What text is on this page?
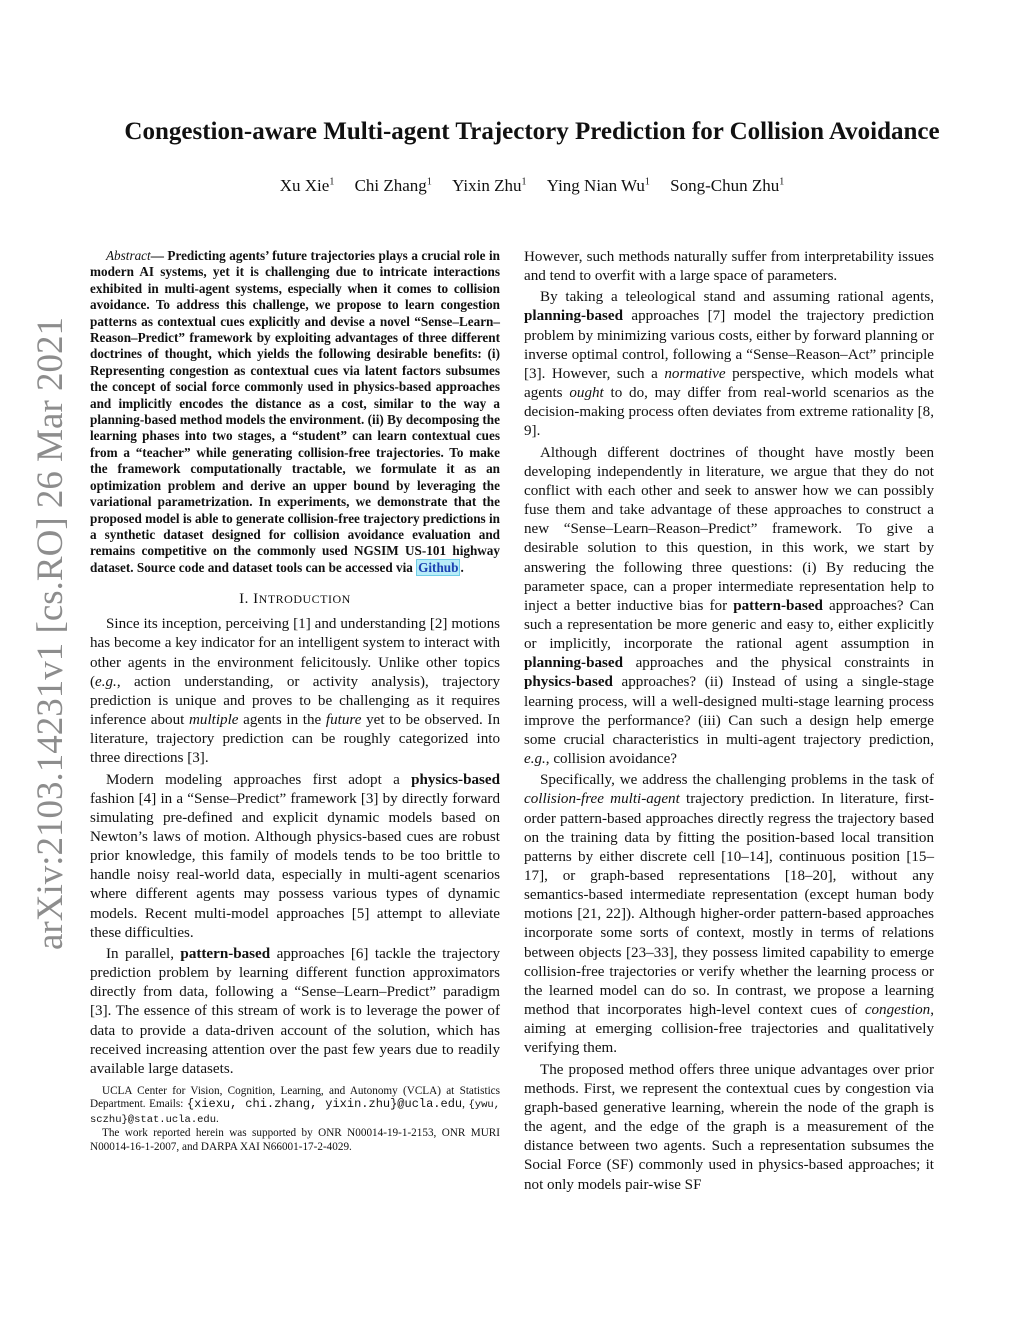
arXiv:2103.14231v1 [cs.RO] 26 Mar 2021
Congestion-aware Multi-agent Trajectory Prediction for Collision Avoidance
Xu Xie$^1$ Chi Zhang$^1$ Yixin Zhu$^1$ Ying Nian Wu$^1$ Song-Chun Zhu$^1$

Abstract— Predicting agents’ future trajectories plays a crucial role in modern AI systems, yet it is challenging due to intricate interactions exhibited in multi-agent systems, especially when it comes to collision avoidance. To address this challenge, we propose to learn congestion patterns as contextual cues explicitly and devise a novel “Sense–Learn–Reason–Predict” framework by exploiting advantages of three different doctrines of thought, which yields the following desirable benefits: (i) Representing congestion as contextual cues via latent factors subsumes the concept of social force commonly used in physics-based approaches and implicitly encodes the distance as a cost, similar to the way a planning-based method models the environment. (ii) By decomposing the learning phases into two stages, a “student” can learn contextual cues from a “teacher” while generating collision-free trajectories. To make the framework computationally tractable, we formulate it as an optimization problem and derive an upper bound by leveraging the variational parametrization. In experiments, we demonstrate that the proposed model is able to generate collision-free trajectory predictions in a synthetic dataset designed for collision avoidance evaluation and remains competitive on the commonly used NGSIM US-101 highway dataset. Source code and dataset tools can be accessed via Github .

I. INTRODUCTION

Since its inception, perceiving [1] and understanding [2] motions has become a key indicator for an intelligent system to interact with other agents in the environment felicitously. Unlike other topics (e.g., action understanding, or activity analysis), trajectory prediction is unique and proves to be challenging as it requires inference about multiple agents in the future yet to be observed. In literature, trajectory prediction can be roughly categorized into three directions [3].

Modern modeling approaches first adopt a physics-based fashion [4] in a “Sense–Predict” framework [3] by directly forward simulating pre-defined and explicit dynamic models based on Newton’s laws of motion. Although physics-based cues are robust prior knowledge, this family of models tends to be too brittle to handle noisy real-world data, especially in multi-agent scenarios where different agents may possess various types of dynamic models. Recent multi-model approaches [5] attempt to alleviate these difficulties.

In parallel, pattern-based approaches [6] tackle the trajectory prediction problem by learning different function approximators directly from data, following a “Sense–Learn–Predict” paradigm [3]. The essence of this stream of work is to leverage the power of data to provide a data-driven account of the solution, which has received increasing attention over the past few years due to readily available large datasets.

UCLA Center for Vision, Cognition, Learning, and Autonomy (VCLA) at Statistics Department. Emails: {xiexu, chi.zhang, yixin.zhu}@ucla.edu, {ywu, sczhu}@stat.ucla.edu.

The work reported herein was supported by ONR N00014-19-1-2153, ONR MURI N00014-16-1-2007, and DARPA XAI N66001-17-2-4029.

However, such methods naturally suffer from interpretability issues and tend to overfit with a large space of parameters.

By taking a teleological stand and assuming rational agents, planning-based approaches [7] model the trajectory prediction problem by minimizing various costs, either by forward planning or inverse optimal control, following a “Sense–Reason–Act” principle [3]. However, such a normative perspective, which models what agents ought to do, may differ from real-world scenarios as the decision-making process often deviates from extreme rationality [8, 9].

Although different doctrines of thought have mostly been developing independently in literature, we argue that they do not conflict with each other and seek to answer how we can possibly fuse them and take advantage of these approaches to construct a new “Sense–Learn–Reason–Predict” framework. To give a desirable solution to this question, in this work, we start by answering the following three questions: (i) By reducing the parameter space, can a proper intermediate representation help to inject a better inductive bias for pattern-based approaches? Can such a representation be more generic and easy to, either explicitly or implicitly, incorporate the rational agent assumption in planning-based approaches and the physical constraints in physics-based approaches? (ii) Instead of using a single-stage learning process, will a well-designed multi-stage learning process improve the performance? (iii) Can such a design help emerge some crucial characteristics in multi-agent trajectory prediction, e.g., collision avoidance?

Specifically, we address the challenging problems in the task of collision-free multi-agent trajectory prediction. In literature, first-order pattern-based approaches directly regress the trajectory based on the training data by fitting the position-based local transition patterns by either discrete cell [10–14], continuous position [15–17], or graph-based representations [18–20], without any semantics-based intermediate representation (except human body motions [21, 22]). Although higher-order pattern-based approaches incorporate some sorts of context, mostly in terms of relations between objects [23–33], they possess limited capability to emerge collision-free trajectories or verify whether the learning process or the learned model can do so. In contrast, we propose a learning method that incorporates high-level context cues of congestion, aiming at emerging collision-free trajectories and qualitatively verifying them.

The proposed method offers three unique advantages over prior methods. First, we represent the contextual cues by congestion via graph-based generative learning, wherein the node of the graph is the agent, and the edge of the graph is a measurement of the distance between two agents. Such a representation subsumes the Social Force (SF) commonly used in physics-based approaches; it not only models pair-wise SF
